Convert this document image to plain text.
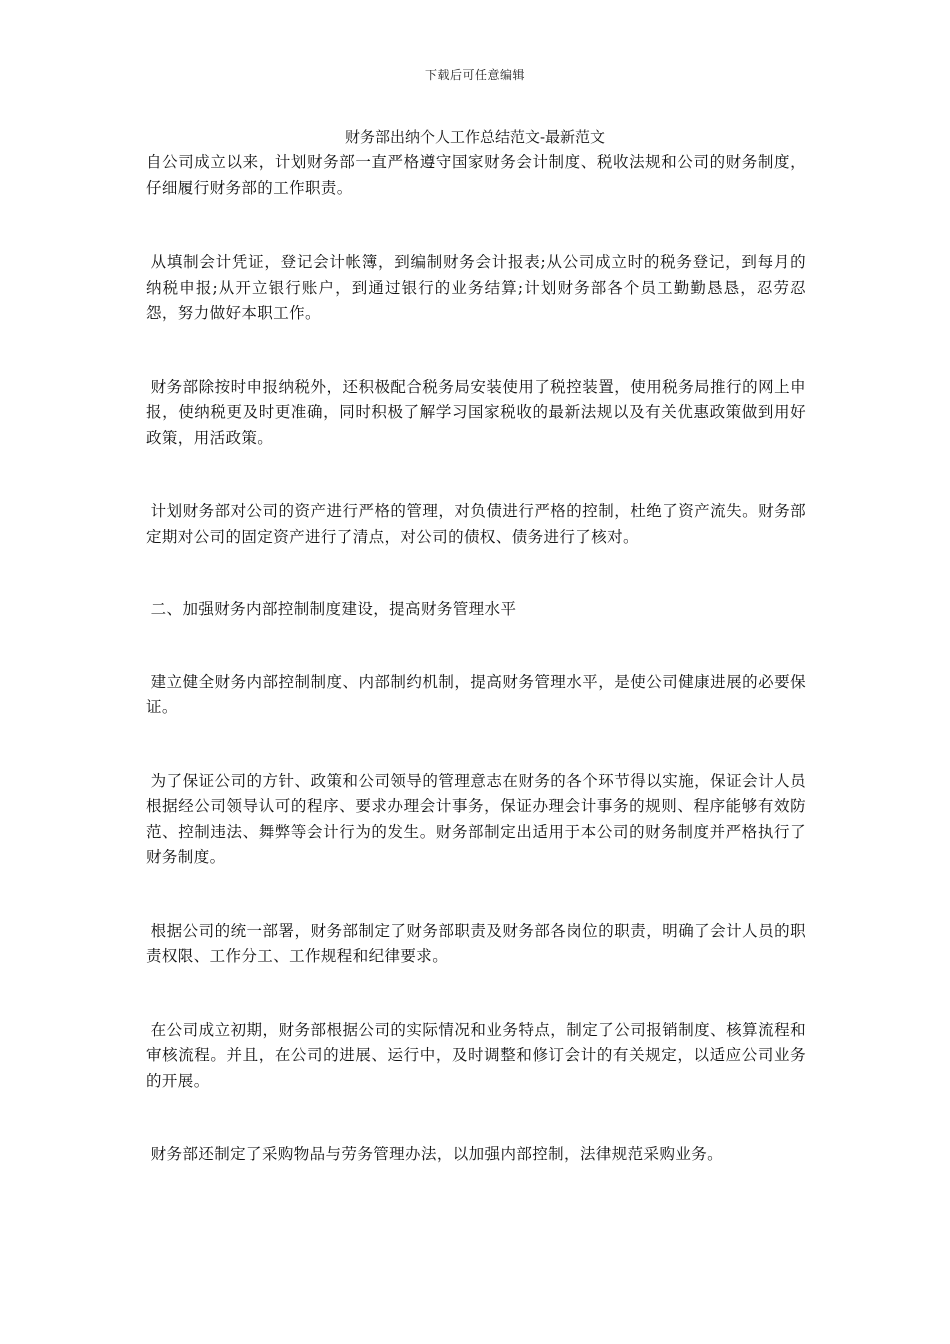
下载后可任意编辑
财务部出纳个人工作总结范文-最新范文

自公司成立以来，计划财务部一直严格遵守国家财务会计制度、税收法规和公司的财务制度，仔细履行财务部的工作职责。

从填制会计凭证，登记会计帐簿，到编制财务会计报表;从公司成立时的税务登记，到每月的纳税申报;从开立银行账户，到通过银行的业务结算;计划财务部各个员工勤勤恳恳，忍劳忍怨，努力做好本职工作。

财务部除按时申报纳税外，还积极配合税务局安装使用了税控装置，使用税务局推行的网上申报，使纳税更及时更准确，同时积极了解学习国家税收的最新法规以及有关优惠政策做到用好政策，用活政策。

计划财务部对公司的资产进行严格的管理，对负债进行严格的控制，杜绝了资产流失。财务部定期对公司的固定资产进行了清点，对公司的债权、债务进行了核对。

二、加强财务内部控制制度建设，提高财务管理水平

建立健全财务内部控制制度、内部制约机制，提高财务管理水平，是使公司健康进展的必要保证。

为了保证公司的方针、政策和公司领导的管理意志在财务的各个环节得以实施，保证会计人员根据经公司领导认可的程序、要求办理会计事务，保证办理会计事务的规则、程序能够有效防范、控制违法、舞弊等会计行为的发生。财务部制定出适用于本公司的财务制度并严格执行了财务制度。

根据公司的统一部署，财务部制定了财务部职责及财务部各岗位的职责，明确了会计人员的职责权限、工作分工、工作规程和纪律要求。

在公司成立初期，财务部根据公司的实际情况和业务特点，制定了公司报销制度、核算流程和审核流程。并且，在公司的进展、运行中，及时调整和修订会计的有关规定，以适应公司业务的开展。

财务部还制定了采购物品与劳务管理办法，以加强内部控制，法律规范采购业务。
